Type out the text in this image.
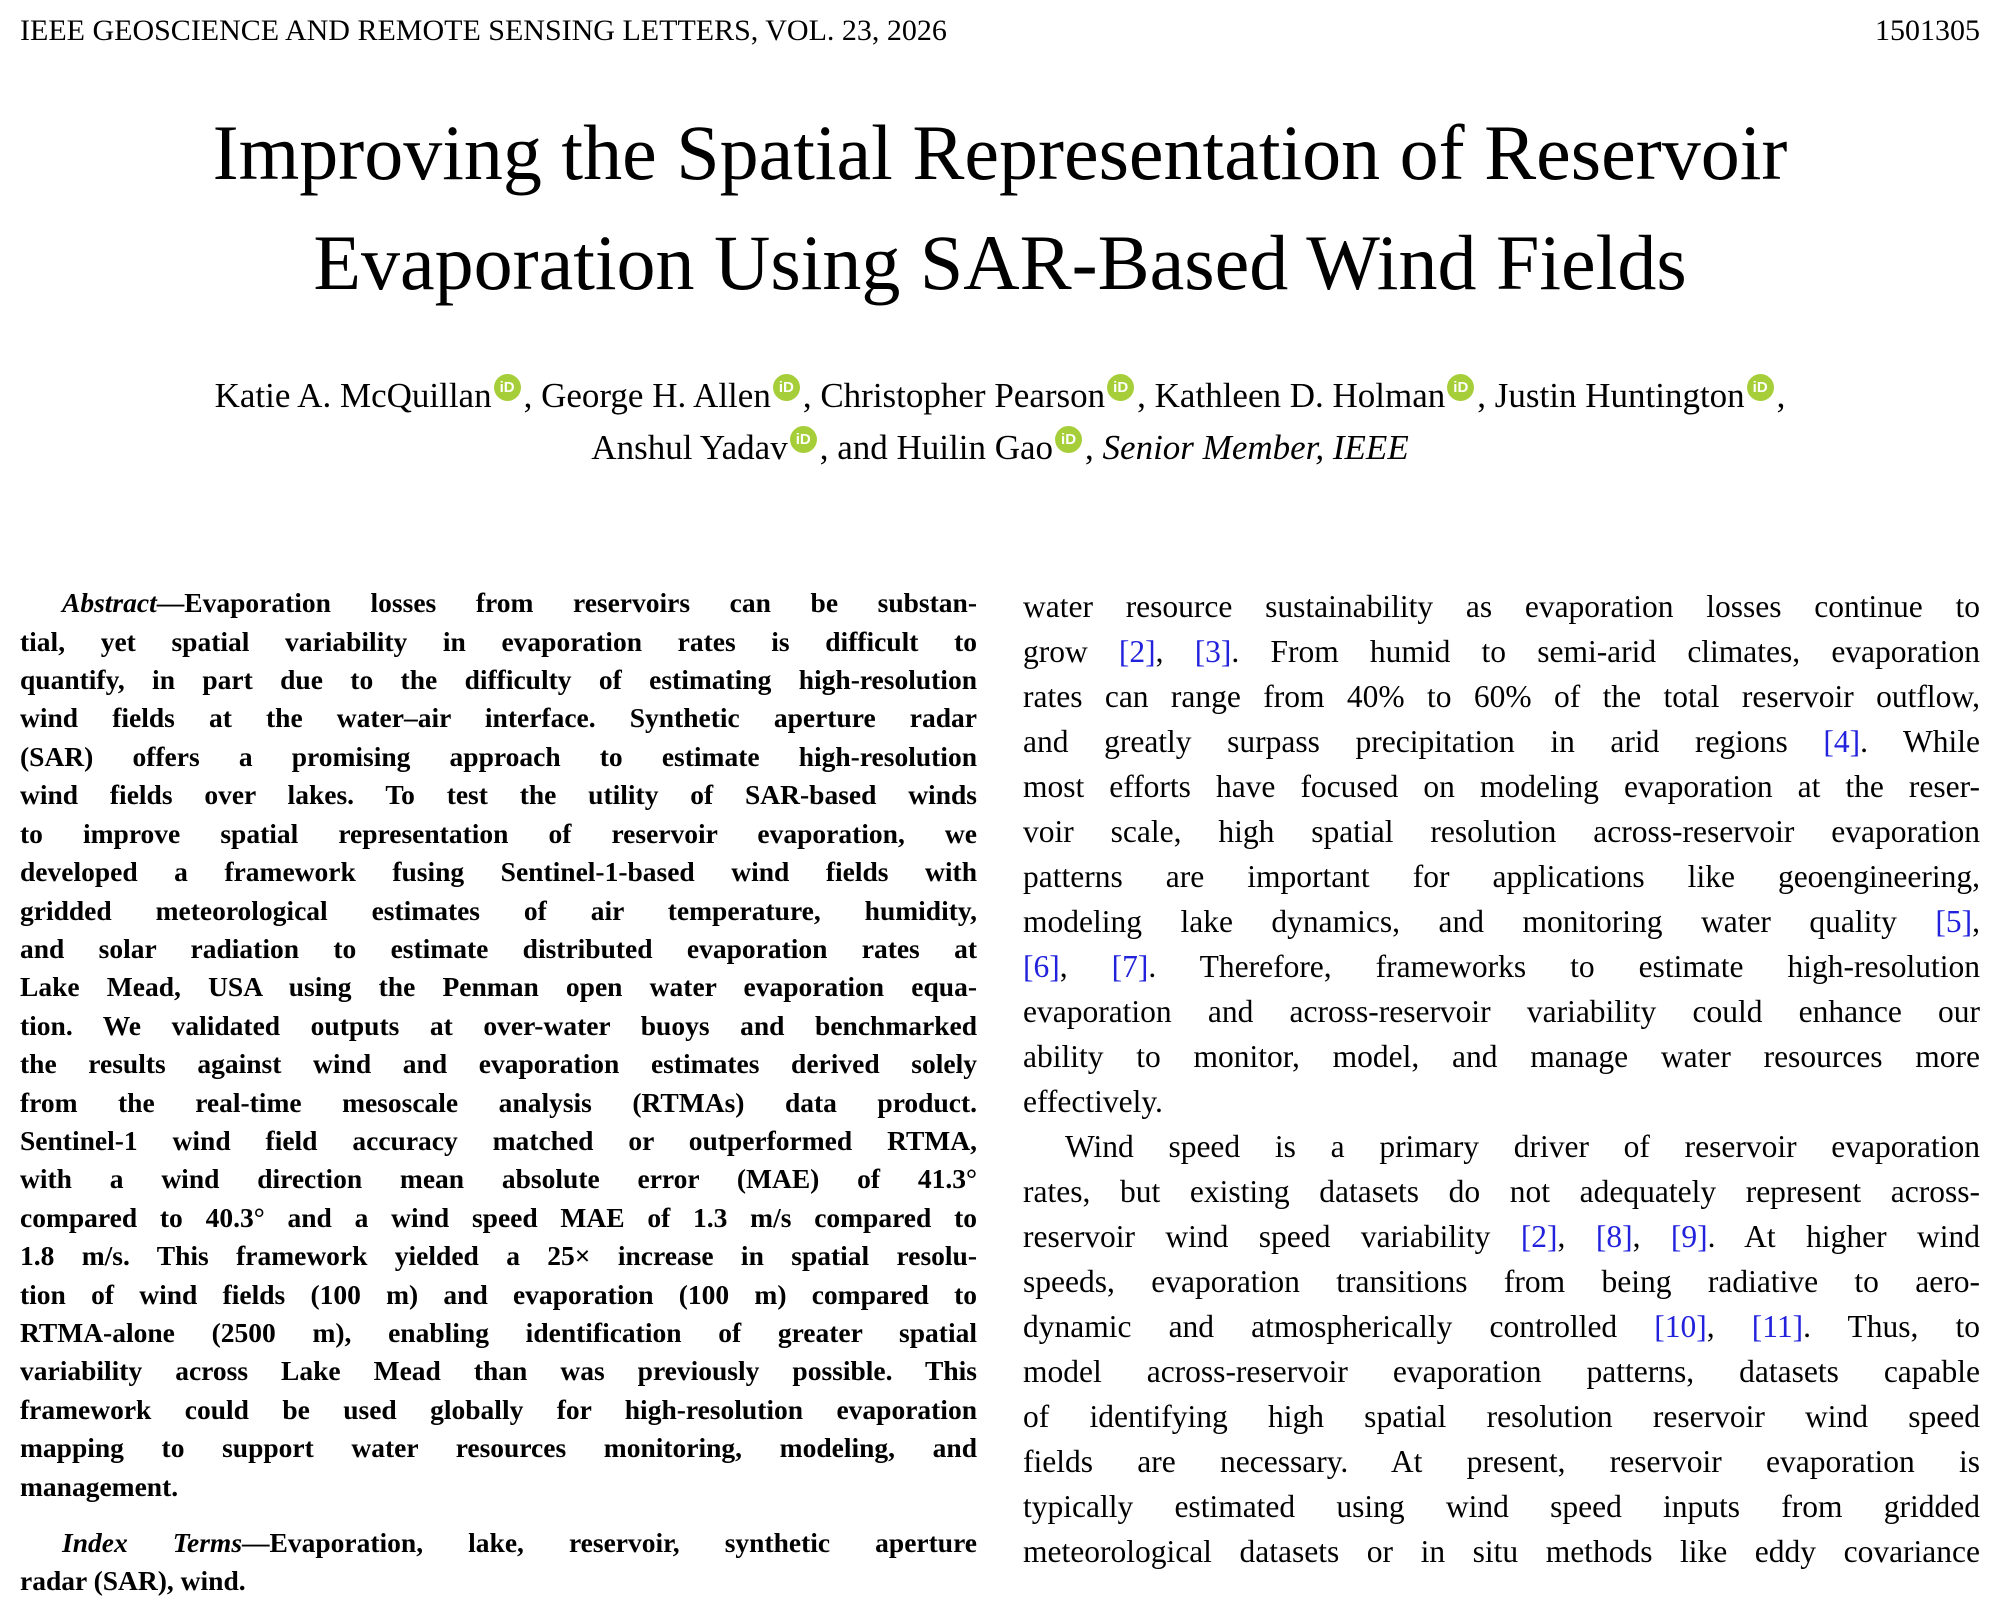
IEEE GEOSCIENCE AND REMOTE SENSING LETTERS, VOL. 23, 2026	1501305
Improving the Spatial Representation of Reservoir
Evaporation Using SAR-Based Wind Fields
Katie A. McQuillan iD , George H. Allen iD , Christopher Pearson iD , Kathleen D. Holman iD , Justin Huntington iD ,
Anshul Yadav iD , and Huilin Gao iD , Senior Member, IEEE
Abstract—Evaporation losses from reservoirs can be substan-
tial, yet spatial variability in evaporation rates is difficult to
quantify, in part due to the difficulty of estimating high-resolution
wind fields at the water–air interface. Synthetic aperture radar
(SAR) offers a promising approach to estimate high-resolution
wind fields over lakes. To test the utility of SAR-based winds
to improve spatial representation of reservoir evaporation, we
developed a framework fusing Sentinel-1-based wind fields with
gridded meteorological estimates of air temperature, humidity,
and solar radiation to estimate distributed evaporation rates at
Lake Mead, USA using the Penman open water evaporation equa-
tion. We validated outputs at over-water buoys and benchmarked
the results against wind and evaporation estimates derived solely
from the real-time mesoscale analysis (RTMAs) data product.
Sentinel-1 wind field accuracy matched or outperformed RTMA,
with a wind direction mean absolute error (MAE) of 41.3°
compared to 40.3° and a wind speed MAE of 1.3 m/s compared to
1.8 m/s. This framework yielded a 25× increase in spatial resolu-
tion of wind fields (100 m) and evaporation (100 m) compared to
RTMA-alone (2500 m), enabling identification of greater spatial
variability across Lake Mead than was previously possible. This
framework could be used globally for high-resolution evaporation
mapping to support water resources monitoring, modeling, and
management.
Index Terms—Evaporation, lake, reservoir, synthetic aperture
radar (SAR), wind.
water resource sustainability as evaporation losses continue to
grow [2], [3]. From humid to semi-arid climates, evaporation
rates can range from 40% to 60% of the total reservoir outflow,
and greatly surpass precipitation in arid regions [4]. While
most efforts have focused on modeling evaporation at the reser-
voir scale, high spatial resolution across-reservoir evaporation
patterns are important for applications like geoengineering,
modeling lake dynamics, and monitoring water quality [5],
[6], [7]. Therefore, frameworks to estimate high-resolution
evaporation and across-reservoir variability could enhance our
ability to monitor, model, and manage water resources more
effectively.
Wind speed is a primary driver of reservoir evaporation
rates, but existing datasets do not adequately represent across-
reservoir wind speed variability [2], [8], [9]. At higher wind
speeds, evaporation transitions from being radiative to aero-
dynamic and atmospherically controlled [10], [11]. Thus, to
model across-reservoir evaporation patterns, datasets capable
of identifying high spatial resolution reservoir wind speed
fields are necessary. At present, reservoir evaporation is
typically estimated using wind speed inputs from gridded
meteorological datasets or in situ methods like eddy covariance
